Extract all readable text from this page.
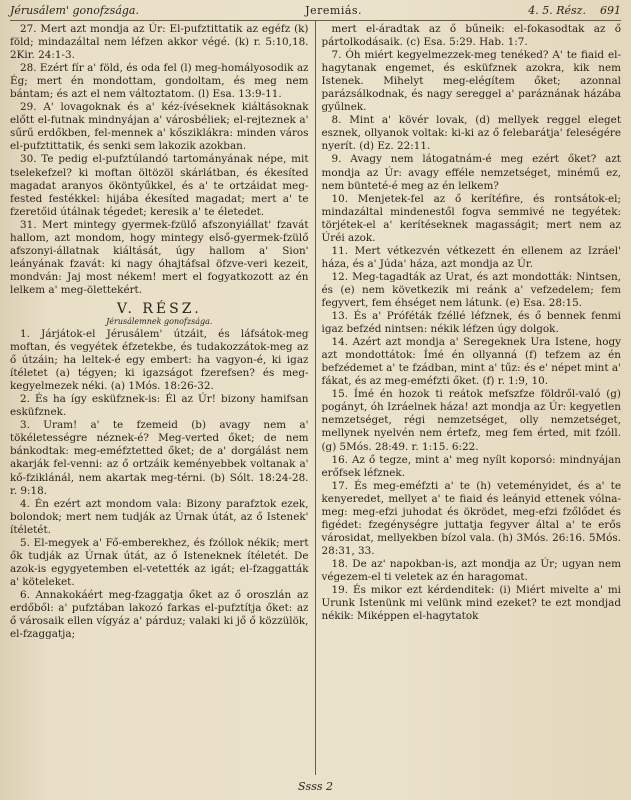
Jérusálem' gonofzsága.	Jeremiás.	4. 5. Rész. 691

27. Mert azt mondja az Úr: El-pufztittatik az egéfz (k) föld; mindazáltal nem léfzen akkor végé. (k) r. 5:10,18. 2Kir. 24:1-3.

28. Ezért fír a' föld, és oda fel (l) meg-homályosodik az Ég; mert én mondottam, gondoltam, és meg nem bántam; és azt el nem változtatom. (l) Esa. 13:9-11.

29. A' lovagoknak és a' kéz-ívéseknek kiáltásoknak előtt el-futnak mindnyájan a' városbéliek; el-rejteznek a' sűrű erdőkben, fel-mennek a' kősziklákra: minden város el-pufztittatik, és senki sem lakozik azokban.

30. Te pedig el-pufztúlandó tartományának népe, mit tselekefzel? ki moftan öltözöl skárlátban, és ékesíted magadat aranyos ököntyűkkel, és a' te ortzáidat meg-fested festékkel: hijába ékesíted magadat; mert a' te fzeretőid útálnak tégedet; keresik a' te életedet.

31. Mert mintegy gyermek-fzülő afszonyiállat' fzavát hallom, azt mondom, hogy mintegy első-gyermek-fzülő afszonyi-állatnak kiáltását, úgy hallom a' Sion' leányának fzavát: ki nagy óhajtáfsal öfzve-veri kezeit, mondván: Jaj most nékem! mert el fogyatkozott az én lelkem a' meg-ölettekért.

V. RÉSZ.
Jérusálemnek gonofzsága.

1. Járjátok-el Jérusálem' útzáit, és láfsátok-meg moftan, és vegyétek éfzetekbe, és tudakozzátok-meg az ő útzáin; ha leltek-é egy embert: ha vagyon-é, ki igaz ítéletet (a) tégyen; ki igazságot fzerefsen? és meg-kegyelmezek néki. (a) 1Mós. 18:26-32.

2. És ha így esküfznek-is: Él az Úr! bizony hamifsan esküfznek.

3. Uram! a' te fzemeid (b) avagy nem a' tökéletességre néznek-é? Meg-verted őket; de nem bánkodtak: meg-eméfztetted őket; de a' dorgálást nem akarják fel-venni: az ő ortzáik keményebbek voltanak a' kő-fziklánál, nem akartak meg-térni. (b) Sólt. 18:24-28. r. 9:18.

4. Én ezért azt mondom vala: Bizony parafztok ezek, bolondok; mert nem tudják az Úrnak útát, az ő Istenek' ítéletét.

5. El-megyek a' Fő-emberekhez, és fzóllok nékik; mert ők tudják az Úrnak útát, az ő Isteneknek ítéletét. De azok-is egygyetemben el-vetették az igát; el-fzaggatták a' köteleket.

6. Annakokáért meg-fzaggatja őket az ő oroszlán az erdőből: a' pufztában lakozó farkas el-pufztítja őket: az ő városaik ellen vígyáz a' párduz; valaki ki jő ő közzülök, el-fzaggatja;

mert el-áradtak az ő bűneik: el-fokasodtak az ő pártolkodásaik. (c) Esa. 5:29. Hab. 1:7.

7. Óh miért kegyelmezzek-meg tenéked? A' te fiaid el-hagytanak engemet, és esküfznek azokra, kik nem Istenek. Mihelyt meg-elégítem őket; azonnal parázsálkodnak, és nagy sereggel a' paráznának házába gyűlnek.

8. Mint a' kövér lovak, (d) mellyek reggel eleget esznek, ollyanok voltak: ki-ki az ő felebarátja' feleségére nyerít. (d) Ez. 22:11.

9. Avagy nem látogatnám-é meg ezért őket? azt mondja az Úr: avagy efféle nemzetséget, minémű ez, nem bünteté-é meg az én lelkem?

10. Menjetek-fel az ő kerítéfire, és rontsátok-el; mindazáltal mindenestől fogva semmivé ne tegyétek: törjétek-el a' kerítéseknek magasságit; mert nem az Úréi azok.

11. Mert vétkezvén vétkezett én ellenem az Izráel' háza, és a' Júda' háza, azt mondja az Úr.

12. Meg-tagadták az Urat, és azt mondották: Nintsen, és (e) nem következik mi reánk a' vefzedelem; fem fegyvert, fem éhséget nem látunk. (e) Esa. 28:15.

13. És a' Próféták fzéllé léfznek, és ő bennek fenmi igaz befzéd nintsen: nékik léfzen úgy dolgok.

14. Azért azt mondja a' Seregeknek Ura Istene, hogy azt mondottátok: Ímé én ollyanná (f) tefzem az én befzédemet a' te fzádban, mint a' tűz: és e' népet mint a' fákat, és az meg-eméfzti őket. (f) r. 1:9, 10.

15. Ímé én hozok ti reátok mefszfze földről-való (g) pogányt, óh Izráelnek háza! azt mondja az Úr: kegyetlen nemzetséget, régi nemzetséget, olly nemzetséget, mellynek nyelvén nem értefz, meg fem érted, mit fzóll. (g) 5Mós. 28:49. r. 1:15. 6:22.

16. Az ő tegze, mint a' meg nyílt koporsó: mindnyájan erőfsek léfznek.

17. És meg-eméfzti a' te (h) veteményidet, és a' te kenyeredet, mellyet a' te fiaid és leányid ettenek vólna-meg: meg-efzi juhodat és ökrödet, meg-efzi fzőlődet és figédet: fzegénységre juttatja fegyver által a' te erős városidat, mellyekben bízol vala. (h) 3Mós. 26:16. 5Mós. 28:31, 33.

18. De az' napokban-is, azt mondja az Úr; ugyan nem végezem-el ti veletek az én haragomat.

19. És mikor ezt kérdenditek: (i) Miért mivelte a' mi Urunk Istenünk mi velünk mind ezeket? te ezt mondjad nékik: Miképpen el-hagytatok

Ssss 2
